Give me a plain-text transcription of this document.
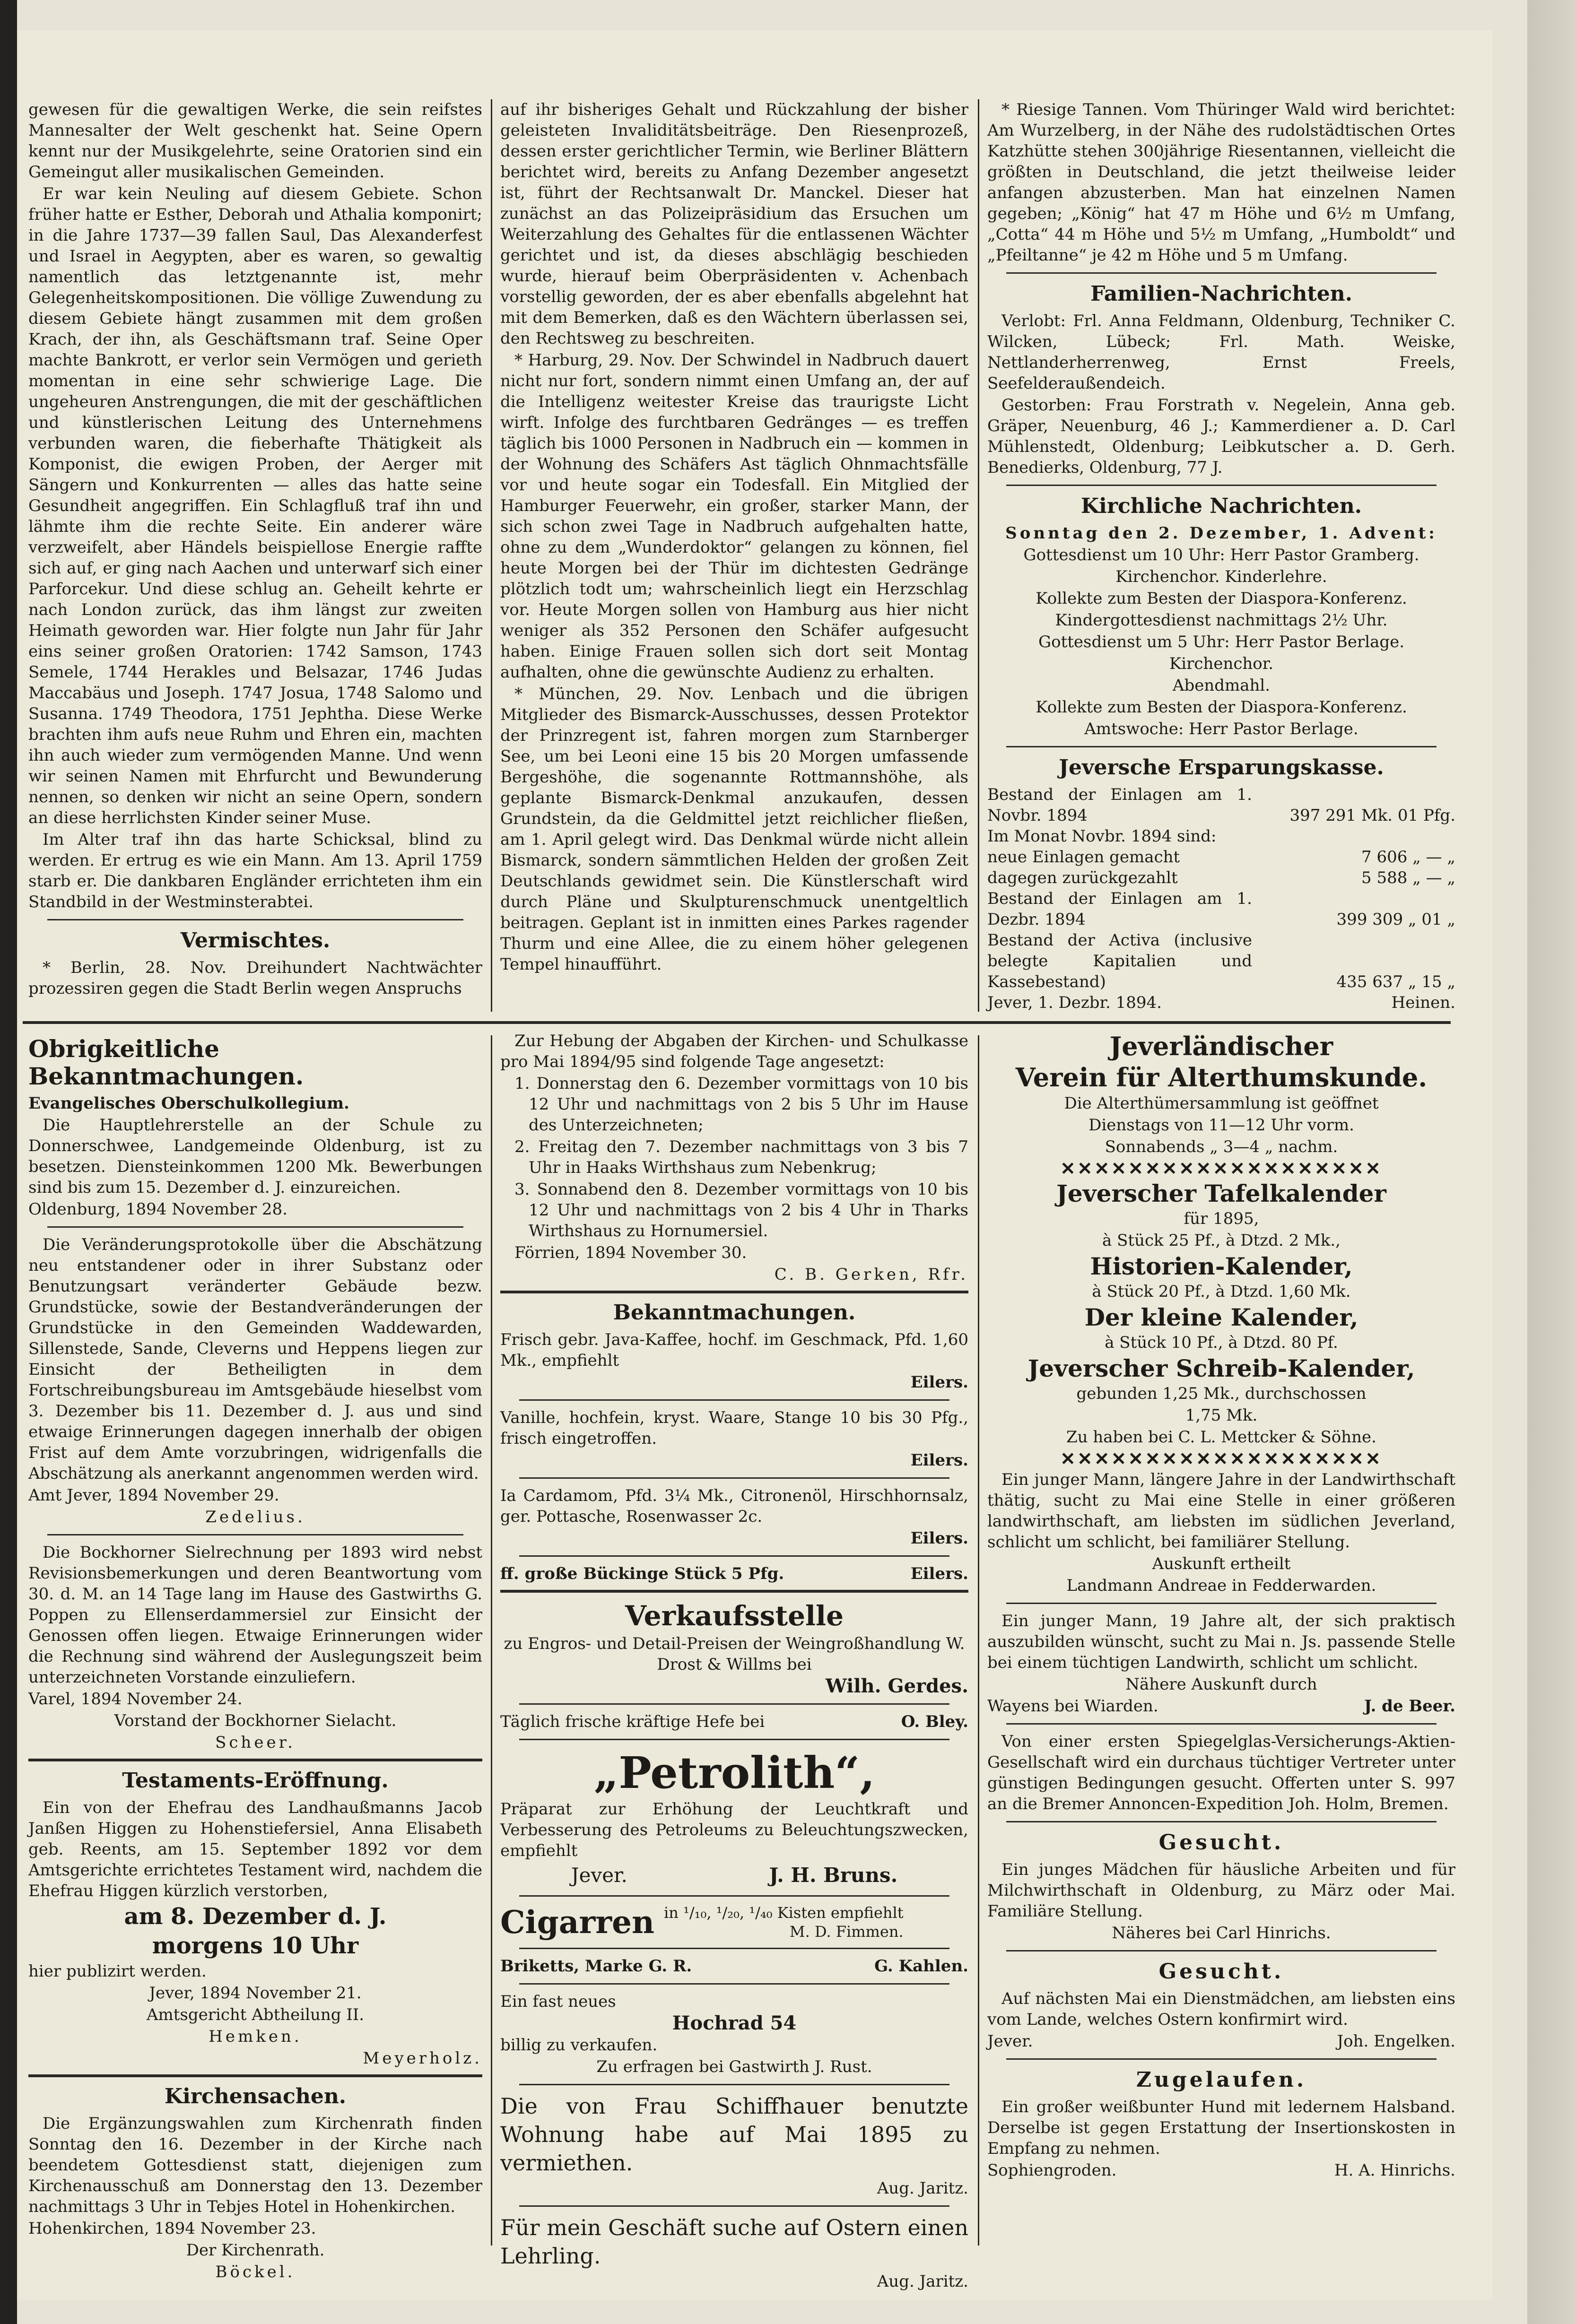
gewesen für die gewaltigen Werke, die sein reifstes Mannesalter der Welt geschenkt hat. Seine Opern kennt nur der Musikgelehrte, seine Oratorien sind ein Gemeingut aller musikalischen Gemeinden.

Er war kein Neuling auf diesem Gebiete. Schon früher hatte er Esther, Deborah und Athalia komponirt; in die Jahre 1737—39 fallen Saul, Das Alexanderfest und Israel in Aegypten, aber es waren, so gewaltig namentlich das letztgenannte ist, mehr Gelegenheitskompositionen. Die völlige Zuwendung zu diesem Gebiete hängt zusammen mit dem großen Krach, der ihn, als Geschäftsmann traf. Seine Oper machte Bankrott, er verlor sein Vermögen und gerieth momentan in eine sehr schwierige Lage. Die ungeheuren Anstrengungen, die mit der geschäftlichen und künstlerischen Leitung des Unternehmens verbunden waren, die fieberhafte Thätigkeit als Komponist, die ewigen Proben, der Aerger mit Sängern und Konkurrenten — alles das hatte seine Gesundheit angegriffen. Ein Schlagfluß traf ihn und lähmte ihm die rechte Seite. Ein anderer wäre verzweifelt, aber Händels beispiellose Energie raffte sich auf, er ging nach Aachen und unterwarf sich einer Parforcekur. Und diese schlug an. Geheilt kehrte er nach London zurück, das ihm längst zur zweiten Heimath geworden war. Hier folgte nun Jahr für Jahr eins seiner großen Oratorien: 1742 Samson, 1743 Semele, 1744 Herakles und Belsazar, 1746 Judas Maccabäus und Joseph. 1747 Josua, 1748 Salomo und Susanna. 1749 Theodora, 1751 Jephtha. Diese Werke brachten ihm aufs neue Ruhm und Ehren ein, machten ihn auch wieder zum vermögenden Manne. Und wenn wir seinen Namen mit Ehrfurcht und Bewunderung nennen, so denken wir nicht an seine Opern, sondern an diese herrlichsten Kinder seiner Muse.

Im Alter traf ihn das harte Schicksal, blind zu werden. Er ertrug es wie ein Mann. Am 13. April 1759 starb er. Die dankbaren Engländer errichteten ihm ein Standbild in der Westminsterabtei.

Vermischtes.

* Berlin, 28. Nov. Dreihundert Nachtwächter prozessiren gegen die Stadt Berlin wegen Anspruchs

auf ihr bisheriges Gehalt und Rückzahlung der bisher geleisteten Invaliditätsbeiträge. Den Riesenprozeß, dessen erster gerichtlicher Termin, wie Berliner Blättern berichtet wird, bereits zu Anfang Dezember angesetzt ist, führt der Rechtsanwalt Dr. Manckel. Dieser hat zunächst an das Polizeipräsidium das Ersuchen um Weiterzahlung des Gehaltes für die entlassenen Wächter gerichtet und ist, da dieses abschlägig beschieden wurde, hierauf beim Oberpräsidenten v. Achenbach vorstellig geworden, der es aber ebenfalls abgelehnt hat mit dem Bemerken, daß es den Wächtern überlassen sei, den Rechtsweg zu beschreiten.

* Harburg, 29. Nov. Der Schwindel in Nadbruch dauert nicht nur fort, sondern nimmt einen Umfang an, der auf die Intelligenz weitester Kreise das traurigste Licht wirft. Infolge des furchtbaren Gedränges — es treffen täglich bis 1000 Personen in Nadbruch ein — kommen in der Wohnung des Schäfers Ast täglich Ohnmachtsfälle vor und heute sogar ein Todesfall. Ein Mitglied der Hamburger Feuerwehr, ein großer, starker Mann, der sich schon zwei Tage in Nadbruch aufgehalten hatte, ohne zu dem „Wunderdoktor“ gelangen zu können, fiel heute Morgen bei der Thür im dichtesten Gedränge plötzlich todt um; wahrscheinlich liegt ein Herzschlag vor. Heute Morgen sollen von Hamburg aus hier nicht weniger als 352 Personen den Schäfer aufgesucht haben. Einige Frauen sollen sich dort seit Montag aufhalten, ohne die gewünschte Audienz zu erhalten.

* München, 29. Nov. Lenbach und die übrigen Mitglieder des Bismarck-Ausschusses, dessen Protektor der Prinzregent ist, fahren morgen zum Starnberger See, um bei Leoni eine 15 bis 20 Morgen umfassende Bergeshöhe, die sogenannte Rottmannshöhe, als geplante Bismarck-Denkmal anzukaufen, dessen Grundstein, da die Geldmittel jetzt reichlicher fließen, am 1. April gelegt wird. Das Denkmal würde nicht allein Bismarck, sondern sämmtlichen Helden der großen Zeit Deutschlands gewidmet sein. Die Künstlerschaft wird durch Pläne und Skulpturenschmuck unentgeltlich beitragen. Geplant ist in inmitten eines Parkes ragender Thurm und eine Allee, die zu einem höher gelegenen Tempel hinaufführt.

* Riesige Tannen. Vom Thüringer Wald wird berichtet: Am Wurzelberg, in der Nähe des rudolstädtischen Ortes Katzhütte stehen 300jährige Riesentannen, vielleicht die größten in Deutschland, die jetzt theilweise leider anfangen abzusterben. Man hat einzelnen Namen gegeben; „König“ hat 47 m Höhe und 6½ m Umfang, „Cotta“ 44 m Höhe und 5½ m Umfang, „Humboldt“ und „Pfeiltanne“ je 42 m Höhe und 5 m Umfang.

Familien-Nachrichten.

Verlobt: Frl. Anna Feldmann, Oldenburg, Techniker C. Wilcken, Lübeck; Frl. Math. Weiske, Nettlanderherrenweg, Ernst Freels, Seefelderaußendeich.

Gestorben: Frau Forstrath v. Negelein, Anna geb. Gräper, Neuenburg, 46 J.; Kammerdiener a. D. Carl Mühlenstedt, Oldenburg; Leibkutscher a. D. Gerh. Benedierks, Oldenburg, 77 J.

Kirchliche Nachrichten.

Sonntag den 2. Dezember, 1. Advent:

Gottesdienst um 10 Uhr: Herr Pastor Gramberg.

Kirchenchor. Kinderlehre.

Kollekte zum Besten der Diaspora-Konferenz.

Kindergottesdienst nachmittags 2½ Uhr.

Gottesdienst um 5 Uhr: Herr Pastor Berlage.

Kirchenchor.

Abendmahl.

Kollekte zum Besten der Diaspora-Konferenz.

Amtswoche: Herr Pastor Berlage.

Jeversche Ersparungskasse.
Bestand der Einlagen am 1. Novbr. 1894	397 291 Mk. 01 Pfg.
Im Monat Novbr. 1894 sind:
neue Einlagen gemacht	7 606 „ — „
dagegen zurückgezahlt	5 588 „ — „
Bestand der Einlagen am 1. Dezbr. 1894	399 309 „ 01 „
Bestand der Activa (inclusive belegte Kapitalien und Kassebestand)	435 637 „ 15 „
Jever, 1. Dezbr. 1894.	Heinen.
Obrigkeitliche Bekanntmachungen.

Evangelisches Oberschulkollegium.

Die Hauptlehrerstelle an der Schule zu Donnerschwee, Landgemeinde Oldenburg, ist zu besetzen. Diensteinkommen 1200 Mk. Bewerbungen sind bis zum 15. Dezember d. J. einzureichen.

Oldenburg, 1894 November 28.

Die Veränderungsprotokolle über die Abschätzung neu entstandener oder in ihrer Substanz oder Benutzungsart veränderter Gebäude bezw. Grundstücke, sowie der Bestandveränderungen der Grundstücke in den Gemeinden Waddewarden, Sillenstede, Sande, Cleverns und Heppens liegen zur Einsicht der Betheiligten in dem Fortschreibungsbureau im Amtsgebäude hieselbst vom 3. Dezember bis 11. Dezember d. J. aus und sind etwaige Erinnerungen dagegen innerhalb der obigen Frist auf dem Amte vorzubringen, widrigenfalls die Abschätzung als anerkannt angenommen werden wird.

Amt Jever, 1894 November 29.

Zedelius.

Die Bockhorner Sielrechnung per 1893 wird nebst Revisionsbemerkungen und deren Beantwortung vom 30. d. M. an 14 Tage lang im Hause des Gastwirths G. Poppen zu Ellenserdammersiel zur Einsicht der Genossen offen liegen. Etwaige Erinnerungen wider die Rechnung sind während der Auslegungszeit beim unterzeichneten Vorstande einzuliefern.

Varel, 1894 November 24.

Vorstand der Bockhorner Sielacht.

Scheer.

Testaments-Eröffnung.

Ein von der Ehefrau des Landhaußmanns Jacob Janßen Higgen zu Hohenstiefersiel, Anna Elisabeth geb. Reents, am 15. September 1892 vor dem Amtsgerichte errichtetes Testament wird, nachdem die Ehefrau Higgen kürzlich verstorben,

am 8. Dezember d. J.

morgens 10 Uhr

hier publizirt werden.

Jever, 1894 November 21.

Amtsgericht Abtheilung II.

Hemken.

Meyerholz.

Kirchensachen.

Die Ergänzungswahlen zum Kirchenrath finden Sonntag den 16. Dezember in der Kirche nach beendetem Gottesdienst statt, diejenigen zum Kirchenausschuß am Donnerstag den 13. Dezember nachmittags 3 Uhr in Tebjes Hotel in Hohenkirchen.

Hohenkirchen, 1894 November 23.

Der Kirchenrath.

Böckel.

Zur Hebung der Abgaben der Kirchen- und Schulkasse pro Mai 1894/95 sind folgende Tage angesetzt:

1. Donnerstag den 6. Dezember vormittags von 10 bis 12 Uhr und nachmittags von 2 bis 5 Uhr im Hause des Unterzeichneten;

2. Freitag den 7. Dezember nachmittags von 3 bis 7 Uhr in Haaks Wirthshaus zum Nebenkrug;

3. Sonnabend den 8. Dezember vormittags von 10 bis 12 Uhr und nachmittags von 2 bis 4 Uhr in Tharks Wirthshaus zu Hornumersiel.

Förrien, 1894 November 30.

C. B. Gerken, Rfr.

Bekanntmachungen.

Frisch gebr. Java-Kaffee, hochf. im Geschmack, Pfd. 1,60 Mk., empfiehlt

Eilers.

Vanille, hochfein, kryst. Waare, Stange 10 bis 30 Pfg., frisch eingetroffen.

Eilers.

Ia Cardamom, Pfd. 3¼ Mk., Citronenöl, Hirschhornsalz, ger. Pottasche, Rosenwasser 2c.

Eilers.

ff. große Bückinge Stück 5 Pfg.	Eilers.
Verkaufsstelle

zu Engros- und Detail-Preisen der Weingroßhandlung W. Drost & Willms bei

Wilh. Gerdes.

Täglich frische kräftige Hefe bei	O. Bley.
„Petrolith“,

Präparat zur Erhöhung der Leuchtkraft und Verbesserung des Petroleums zu Beleuchtungszwecken, empfiehlt

Jever.	J. H. Bruns.
Cigarren in ¹/₁₀, ¹/₂₀, ¹/₄₀ Kisten empfiehlt
M. D. Fimmen.
Briketts, Marke G. R.	G. Kahlen.

Ein fast neues

Hochrad 54

billig zu verkaufen.

Zu erfragen bei Gastwirth J. Rust.

Die von Frau Schiffhauer benutzte Wohnung habe auf Mai 1895 zu vermiethen.

Aug. Jaritz.

Für mein Geschäft suche auf Ostern einen Lehrling.

Aug. Jaritz.

Jeverländischer
Verein für Alterthumskunde.

Die Alterthümersammlung ist geöffnet

Dienstags von 11—12 Uhr vorm.

Sonnabends „ 3—4 „ nachm.

✕✕✕✕✕✕✕✕✕✕✕✕✕✕✕✕✕✕✕
Jeverscher Tafelkalender

für 1895,

à Stück 25 Pf., à Dtzd. 2 Mk.,

Historien-Kalender,

à Stück 20 Pf., à Dtzd. 1,60 Mk.

Der kleine Kalender,

à Stück 10 Pf., à Dtzd. 80 Pf.

Jeverscher Schreib-Kalender,

gebunden 1,25 Mk., durchschossen

1,75 Mk.

Zu haben bei C. L. Mettcker & Söhne.

✕✕✕✕✕✕✕✕✕✕✕✕✕✕✕✕✕✕✕

Ein junger Mann, längere Jahre in der Landwirthschaft thätig, sucht zu Mai eine Stelle in einer größeren landwirthschaft, am liebsten im südlichen Jeverland, schlicht um schlicht, bei familiärer Stellung.

Auskunft ertheilt

Landmann Andreae in Fedderwarden.

Ein junger Mann, 19 Jahre alt, der sich praktisch auszubilden wünscht, sucht zu Mai n. Js. passende Stelle bei einem tüchtigen Landwirth, schlicht um schlicht.

Nähere Auskunft durch

Wayens bei Wiarden.	J. de Beer.

Von einer ersten Spiegelglas-Versicherungs-Aktien-Gesellschaft wird ein durchaus tüchtiger Vertreter unter günstigen Bedingungen gesucht. Offerten unter S. 997 an die Bremer Annoncen-Expedition Joh. Holm, Bremen.

Gesucht.

Ein junges Mädchen für häusliche Arbeiten und für Milchwirthschaft in Oldenburg, zu März oder Mai. Familiäre Stellung.

Näheres bei Carl Hinrichs.

Gesucht.

Auf nächsten Mai ein Dienstmädchen, am liebsten eins vom Lande, welches Ostern konfirmirt wird.

Jever.	Joh. Engelken.
Zugelaufen.

Ein großer weißbunter Hund mit ledernem Halsband. Derselbe ist gegen Erstattung der Insertionskosten in Empfang zu nehmen.

Sophiengroden.	H. A. Hinrichs.
